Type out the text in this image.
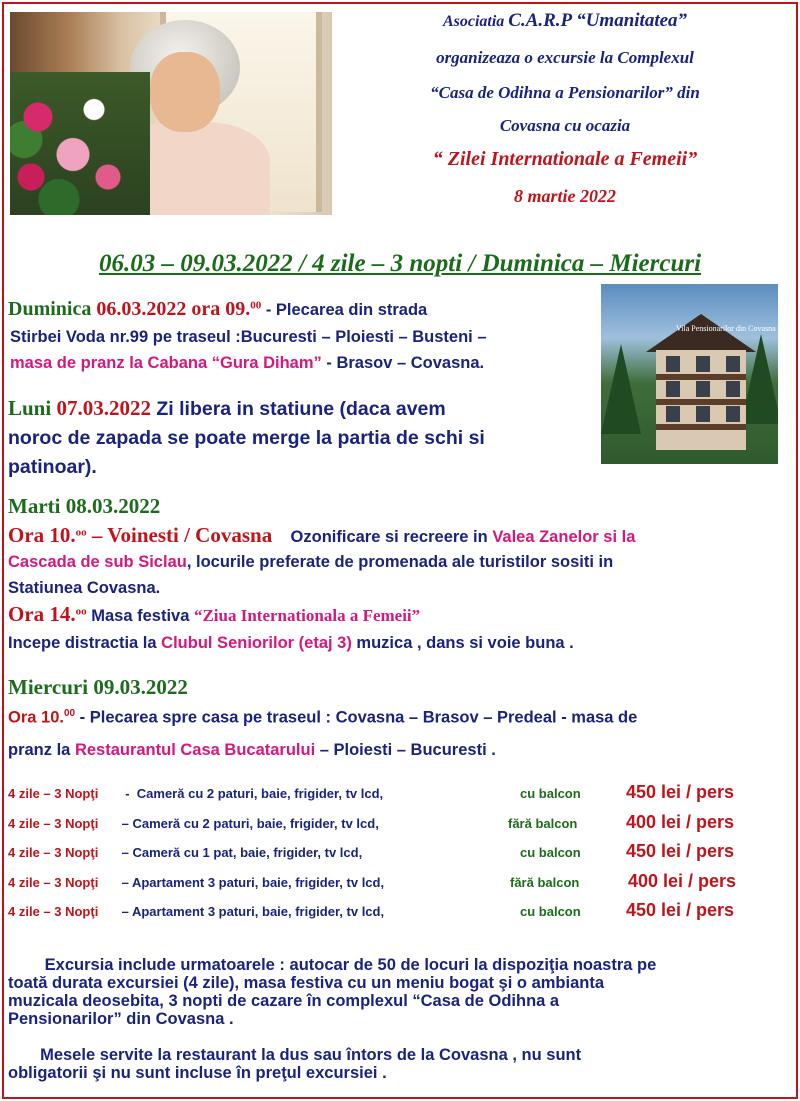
Asociatia C.A.R.P “Umanitatea”
organizeaza o excursie la Complexul
“Casa de Odihna a Pensionarilor” din
Covasna cu ocazia
“ Zilei Internationale a Femeii”
8 martie 2022
06.03 – 09.03.2022 / 4 zile – 3 nopti / Duminica – Miercuri
Vila Pensionarilor din Covasna
Duminica 06.03.2022 ora 09.00 - Plecarea din strada
Stirbei Voda nr.99 pe traseul :Bucuresti – Ploiesti – Busteni –
masa de pranz la Cabana “Gura Diham” - Brasov – Covasna.
Luni 07.03.2022 Zi libera in statiune (daca avem
noroc de zapada se poate merge la partia de schi si
patinoar).
Marti 08.03.2022
Ora 10.$^{oo}$ – Voinesti / Covasna    Ozonificare si recreere in Valea Zanelor si la
Cascada de sub Siclau, locurile preferate de promenada ale turistilor sositi in
Statiunea Covasna.
Ora 14.$^{oo}$ Masa festiva “Ziua Internationala a Femeii”
Incepe distractia la Clubul Seniorilor (etaj 3) muzica , dans si voie buna .
Miercuri 09.03.2022
Ora 10.00 - Plecarea spre casa pe traseul : Covasna – Brasov – Predeal - masa de
pranz la Restaurantul Casa Bucatarului – Ploiesti – Bucuresti .
4 zile – 3 Nopţi -  Cameră cu 2 paturi, baie, frigider, tv lcd,	cu balcon	450 lei / pers
4 zile – 3 Nopţi – Cameră cu 2 paturi, baie, frigider, tv lcd,	fără balcon	400 lei / pers
4 zile – 3 Nopţi – Cameră cu 1 pat, baie, frigider, tv lcd,	cu balcon	450 lei / pers
4 zile – 3 Nopţi – Apartament 3 paturi, baie, frigider, tv lcd,	fără balcon	400 lei / pers
4 zile – 3 Nopţi – Apartament 3 paturi, baie, frigider, tv lcd,	cu balcon	450 lei / pers
Excursia include urmatoarele : autocar de 50 de locuri la dispoziţia noastra pe
toată durata excursiei (4 zile), masa festiva cu un meniu bogat şi o ambianta
muzicala deosebita, 3 nopti de cazare în complexul “Casa de Odihna a
Pensionarilor” din Covasna .
Mesele servite la restaurant la dus sau întors de la Covasna , nu sunt
obligatorii şi nu sunt incluse în preţul excursiei .
